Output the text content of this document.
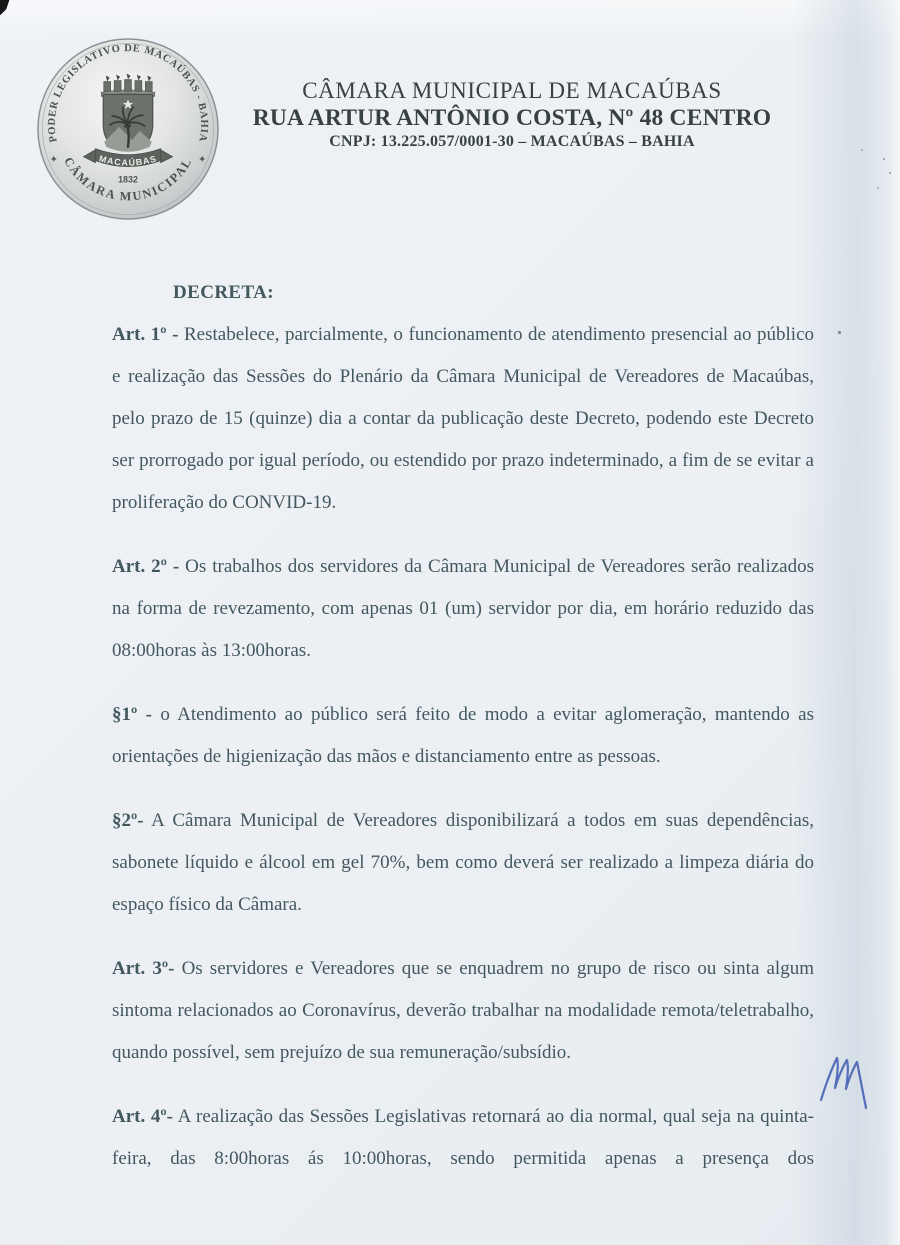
PODER LEGISLATIVO DE MACAÚBAS - BAHIA
CÂMARA MUNICIPAL
✦	✦
MACAÚBAS
1832
CÂMARA MUNICIPAL DE MACAÚBAS
RUA ARTUR ANTÔNIO COSTA, Nº 48 CENTRO
CNPJ: 13.225.057/0001-30 – MACAÚBAS – BAHIA

DECRETA:

Art. 1º - Restabelece, parcialmente, o funcionamento de atendimento presencial ao público e realização das Sessões do Plenário da Câmara Municipal de Vereadores de Macaúbas, pelo prazo de 15 (quinze) dia a contar da publicação deste Decreto, podendo este Decreto ser prorrogado por igual período, ou estendido por prazo indeterminado, a fim de se evitar a proliferação do CONVID-19.

Art. 2º - Os trabalhos dos servidores da Câmara Municipal de Vereadores serão realizados na forma de revezamento, com apenas 01 (um) servidor por dia, em horário reduzido das 08:00horas às 13:00horas.

§1º - o Atendimento ao público será feito de modo a evitar aglomeração, mantendo as orientações de higienização das mãos e distanciamento entre as pessoas.

§2º- A Câmara Municipal de Vereadores disponibilizará a todos em suas dependências, sabonete líquido e álcool em gel 70%, bem como deverá ser realizado a limpeza diária do espaço físico da Câmara.

Art. 3º- Os servidores e Vereadores que se enquadrem no grupo de risco ou sinta algum sintoma relacionados ao Coronavírus, deverão trabalhar na modalidade remota/teletrabalho, quando possível, sem prejuízo de sua remuneração/subsídio.

Art. 4º- A realização das Sessões Legislativas retornará ao dia normal, qual seja na quinta-feira, das 8:00horas ás 10:00horas, sendo permitida apenas a presença dos
